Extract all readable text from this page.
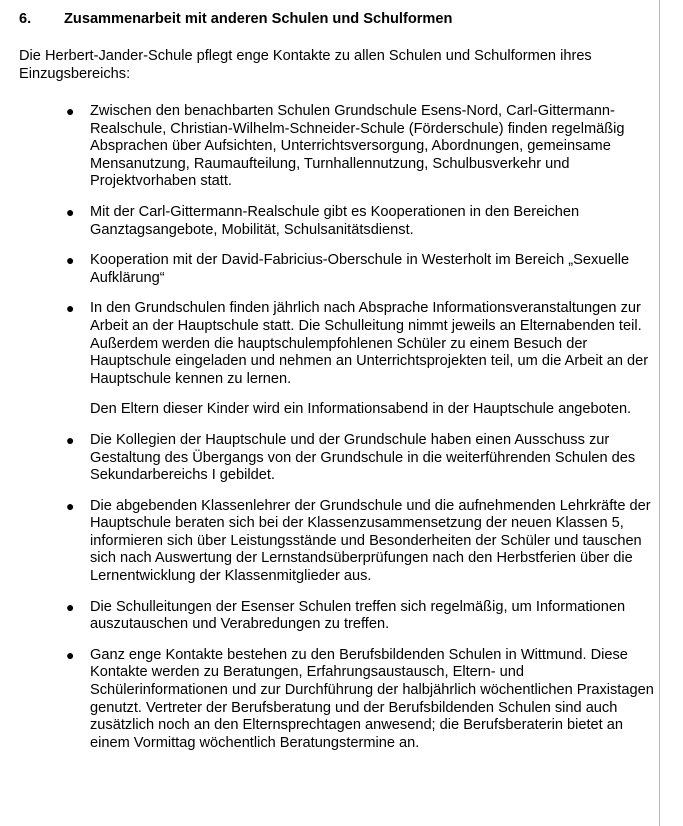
6. Zusammenarbeit mit anderen Schulen und Schulformen

Die Herbert-Jander-Schule pflegt enge Kontakte zu allen Schulen und Schulformen ihres Einzugsbereichs:

● Zwischen den benachbarten Schulen Grundschule Esens-Nord, Carl-Gittermann-Realschule, Christian-Wilhelm-Schneider-Schule (Förderschule) finden regelmäßig Absprachen über Aufsichten, Unterrichtsversorgung, Abordnungen, gemeinsame Mensanutzung, Raumaufteilung, Turnhallennutzung, Schulbusverkehr und Projektvorhaben statt.

● Mit der Carl-Gittermann-Realschule gibt es Kooperationen in den Bereichen Ganztagsangebote, Mobilität, Schulsanitätsdienst.

● Kooperation mit der David-Fabricius-Oberschule in Westerholt im Bereich „Sexuelle Aufklärung“

● In den Grundschulen finden jährlich nach Absprache Informationsveranstaltungen zur Arbeit an der Hauptschule statt. Die Schulleitung nimmt jeweils an Elternabenden teil. Außerdem werden die hauptschulempfohlenen Schüler zu einem Besuch der Hauptschule eingeladen und nehmen an Unterrichtsprojekten teil, um die Arbeit an der Hauptschule kennen zu lernen.

Den Eltern dieser Kinder wird ein Informationsabend in der Hauptschule angeboten.

● Die Kollegien der Hauptschule und der Grundschule haben einen Ausschuss zur Gestaltung des Übergangs von der Grundschule in die weiterführenden Schulen des Sekundarbereichs I gebildet.

● Die abgebenden Klassenlehrer der Grundschule und die aufnehmenden Lehrkräfte der Hauptschule beraten sich bei der Klassenzusammensetzung der neuen Klassen 5, informieren sich über Leistungsstände und Besonderheiten der Schüler und tauschen sich nach Auswertung der Lernstandsüberprüfungen nach den Herbstferien über die Lernentwicklung der Klassenmitglieder aus.

● Die Schulleitungen der Esenser Schulen treffen sich regelmäßig, um Informationen auszutauschen und Verabredungen zu treffen.

● Ganz enge Kontakte bestehen zu den Berufsbildenden Schulen in Wittmund. Diese Kontakte werden zu Beratungen, Erfahrungsaustausch, Eltern- und Schülerinformationen und zur Durchführung der halbjährlich wöchentlichen Praxistagen genutzt. Vertreter der Berufsberatung und der Berufsbildenden Schulen sind auch zusätzlich noch an den Elternsprechtagen anwesend; die Berufsberaterin bietet an einem Vormittag wöchentlich Beratungstermine an.
